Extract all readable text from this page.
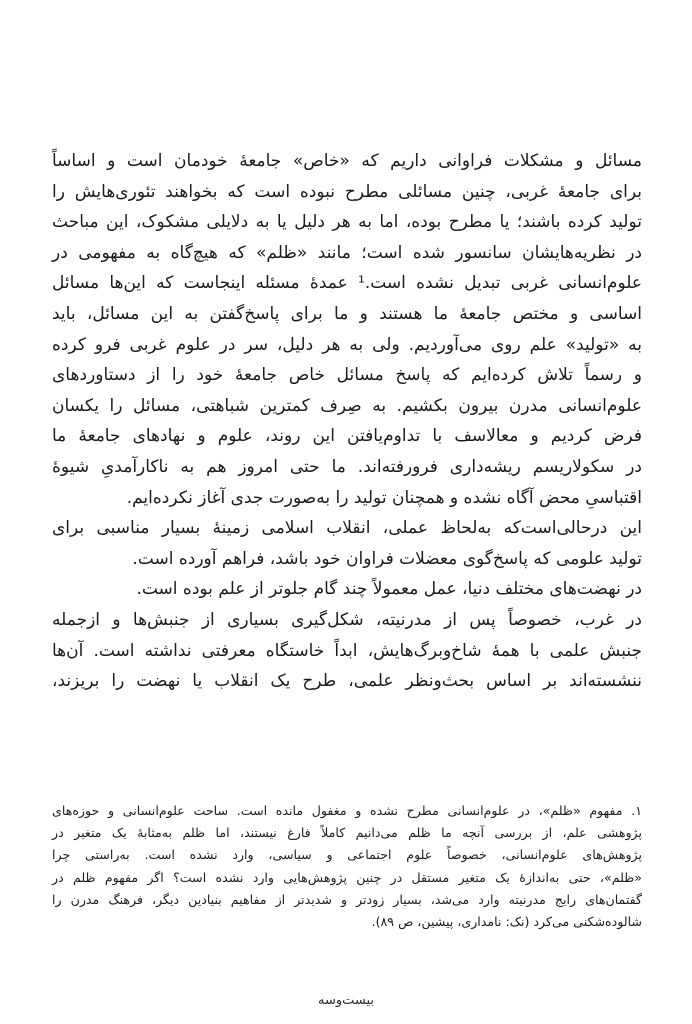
مسائل و مشکلات فراوانی داریم که «خاص» جامعهٔ خودمان است و اساساً
برای جامعهٔ غربی، چنین مسائلی مطرح نبوده است که بخواهند تئوری‌هایش را
تولید کرده باشند؛ یا مطرح بوده، اما به هر دلیل یا به دلایلی مشکوک، این مباحث
در نظریه‌هایشان سانسور شده است؛ مانند «ظلم» که هیچ‌گاه به مفهومی در
علوم‌انسانی غربی تبدیل نشده است.¹ عمدهٔ مسئله اینجاست که این‌ها مسائل
اساسی و مختص جامعهٔ ما هستند و ما برای پاسخ‌گفتن به این مسائل، باید
به «تولید» علم روی می‌آوردیم. ولی به هر دلیل، سر در علوم غربی فرو کرده
و رسماً تلاش کرده‌ایم که پاسخ مسائل خاص جامعهٔ خود را از دستاوردهای
علوم‌انسانی مدرن بیرون بکشیم. به صِرف کمترین شباهتی، مسائل را یکسان
فرض کردیم و معالاسف با تداوم‌یافتن این روند، علوم و نهادهای جامعهٔ ما
در سکولاریسم ریشه‌داری فرورفته‌اند. ما حتی امروز هم به ناکارآمدیِ شیوهٔ
اقتباسیِ محض آگاه نشده و همچنان تولید را به‌صورت جدی آغاز نکرده‌ایم.
این درحالی‌است‌که به‌لحاظ عملی، انقلاب اسلامی زمینهٔ بسیار مناسبی برای
تولید علومی که پاسخ‌گوی معضلات فراوان خود باشد، فراهم آورده است.
در نهضت‌های مختلف دنیا، عمل معمولاً چند گام جلوتر از علم بوده است.
در غرب، خصوصاً پس از مدرنیته، شکل‌گیری بسیاری از جنبش‌ها و ازجمله
جنبش علمی با همهٔ شاخ‌وبرگ‌هایش، ابداً خاستگاه معرفتی نداشته است. آن‌ها
ننشسته‌اند بر اساس بحث‌ونظر علمی، طرح یک انقلاب یا نهضت را بریزند،
۱. مفهوم «ظلم»، در علوم‌انسانی مطرح نشده و مغفول مانده است. ساحت علوم‌انسانی و حوزه‌های
پژوهشی علم، از بررسی آنچه ما ظلم می‌دانیم کاملاً فارغ نیستند، اما ظلم به‌مثابهٔ یک متغیر در
پژوهش‌های علوم‌انسانی، خصوصاً علوم اجتماعی و سیاسی، وارد نشده است. به‌راستی چرا
«ظلم»، حتی به‌اندازهٔ یک متغیر مستقل در چنین پژوهش‌هایی وارد نشده است؟ اگر مفهوم ظلم در
گفتمان‌های رایج مدرنیته وارد می‌شد، بسیار زودتر و شدیدتر از مفاهیم بنیادین دیگر، فرهنگ مدرن را
شالوده‌شکنی می‌کرد (نک: نامداری، پیشین، ص ۸۹).
بیست‌وسه
